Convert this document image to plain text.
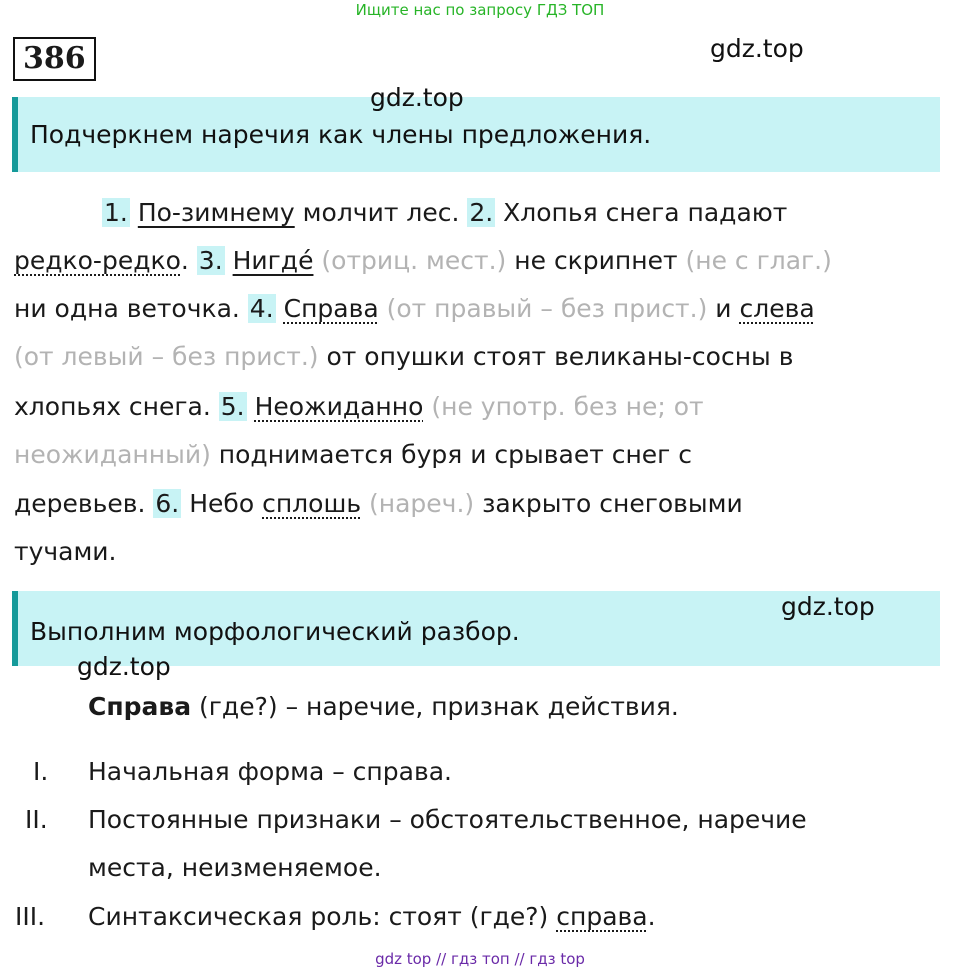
Ищите нас по запросу ГДЗ ТОП
386	gdz.top
Подчеркнем наречия как члены предложения.
gdz.top
1. По-зимнему молчит лес. 2. Хлопья снега падают
редко-редко. 3. Нигде́ (отриц. мест.) не скрипнет (не с глаг.)
ни одна веточка. 4. Справа (от правый – без прист.) и слева
(от левый – без прист.) от опушки стоят великаны-сосны в
хлопьях снега. 5. Неожиданно (не употр. без не; от
неожиданный) поднимается буря и срывает снег с
деревьев. 6. Небо сплошь (нареч.) закрыто снеговыми
тучами.
Выполним морфологический разбор.
gdz.top
gdz.top
Справа (где?) – наречие, признак действия.
I. Начальная форма – справа.
II. Постоянные признаки – обстоятельственное, наречие
места, неизменяемое.
III. Синтаксическая роль: стоят (где?) справа.
gdz top // гдз топ // гдз top
